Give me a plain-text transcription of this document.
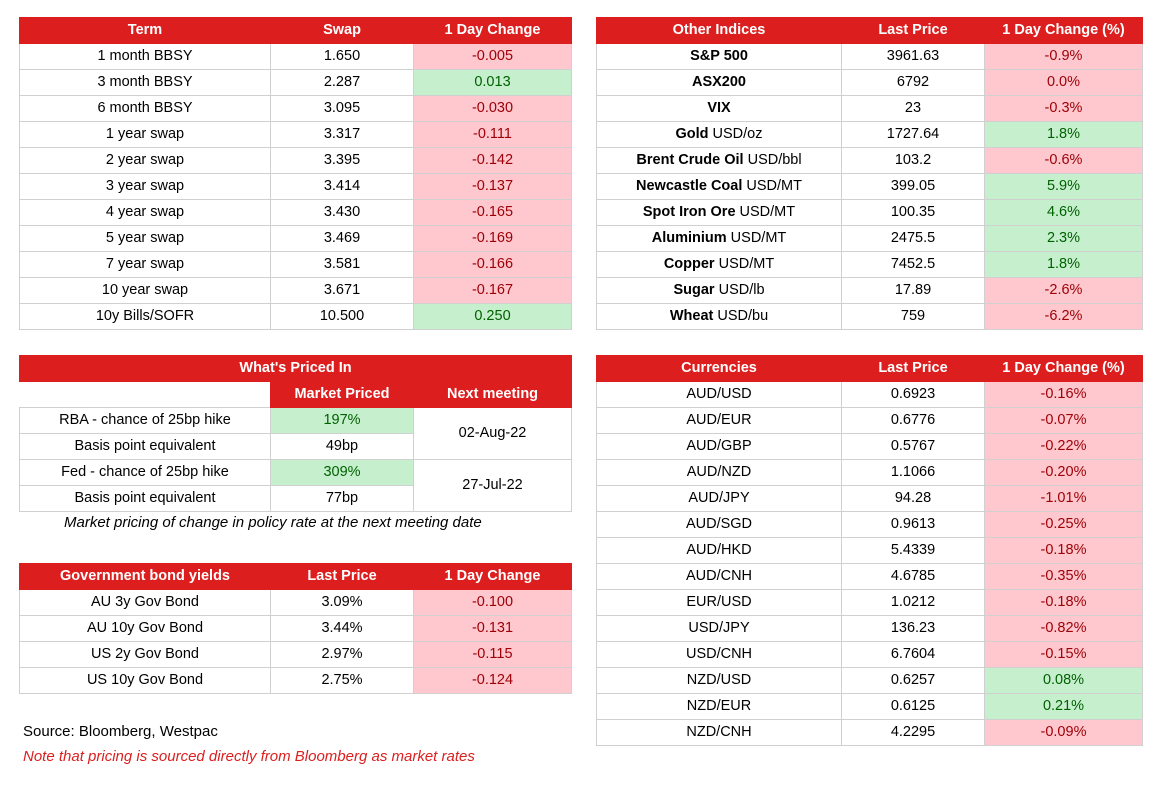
Term	Swap	1 Day Change
1 month BBSY	1.650	-0.005
3 month BBSY	2.287	0.013
6 month BBSY	3.095	-0.030
1 year swap	3.317	-0.111
2 year swap	3.395	-0.142
3 year swap	3.414	-0.137
4 year swap	3.430	-0.165
5 year swap	3.469	-0.169
7 year swap	3.581	-0.166
10 year swap	3.671	-0.167
10y Bills/SOFR	10.500	0.250
Other Indices	Last Price	1 Day Change (%)
S&P 500	3961.63	-0.9%
ASX200	6792	0.0%
VIX	23	-0.3%
Gold USD/oz	1727.64	1.8%
Brent Crude Oil USD/bbl	103.2	-0.6%
Newcastle Coal USD/MT	399.05	5.9%
Spot Iron Ore USD/MT	100.35	4.6%
Aluminium USD/MT	2475.5	2.3%
Copper USD/MT	7452.5	1.8%
Sugar USD/lb	17.89	-2.6%
Wheat USD/bu	759	-6.2%
What's Priced In		
	Market Priced	Next meeting
RBA - chance of 25bp hike	197%	02-Aug-22
Basis point equivalent	49bp	
Fed - chance of 25bp hike	309%	27-Jul-22
Basis point equivalent	77bp	
Market pricing of change in policy rate at the next meeting date
Government bond yields	Last Price	1 Day Change
AU 3y Gov Bond	3.09%	-0.100
AU 10y Gov Bond	3.44%	-0.131
US 2y Gov Bond	2.97%	-0.115
US 10y Gov Bond	2.75%	-0.124
Currencies	Last Price	1 Day Change (%)
AUD/USD	0.6923	-0.16%
AUD/EUR	0.6776	-0.07%
AUD/GBP	0.5767	-0.22%
AUD/NZD	1.1066	-0.20%
AUD/JPY	94.28	-1.01%
AUD/SGD	0.9613	-0.25%
AUD/HKD	5.4339	-0.18%
AUD/CNH	4.6785	-0.35%
EUR/USD	1.0212	-0.18%
USD/JPY	136.23	-0.82%
USD/CNH	6.7604	-0.15%
NZD/USD	0.6257	0.08%
NZD/EUR	0.6125	0.21%
NZD/CNH	4.2295	-0.09%
Source: Bloomberg, Westpac
Note that pricing is sourced directly from Bloomberg as market rates
